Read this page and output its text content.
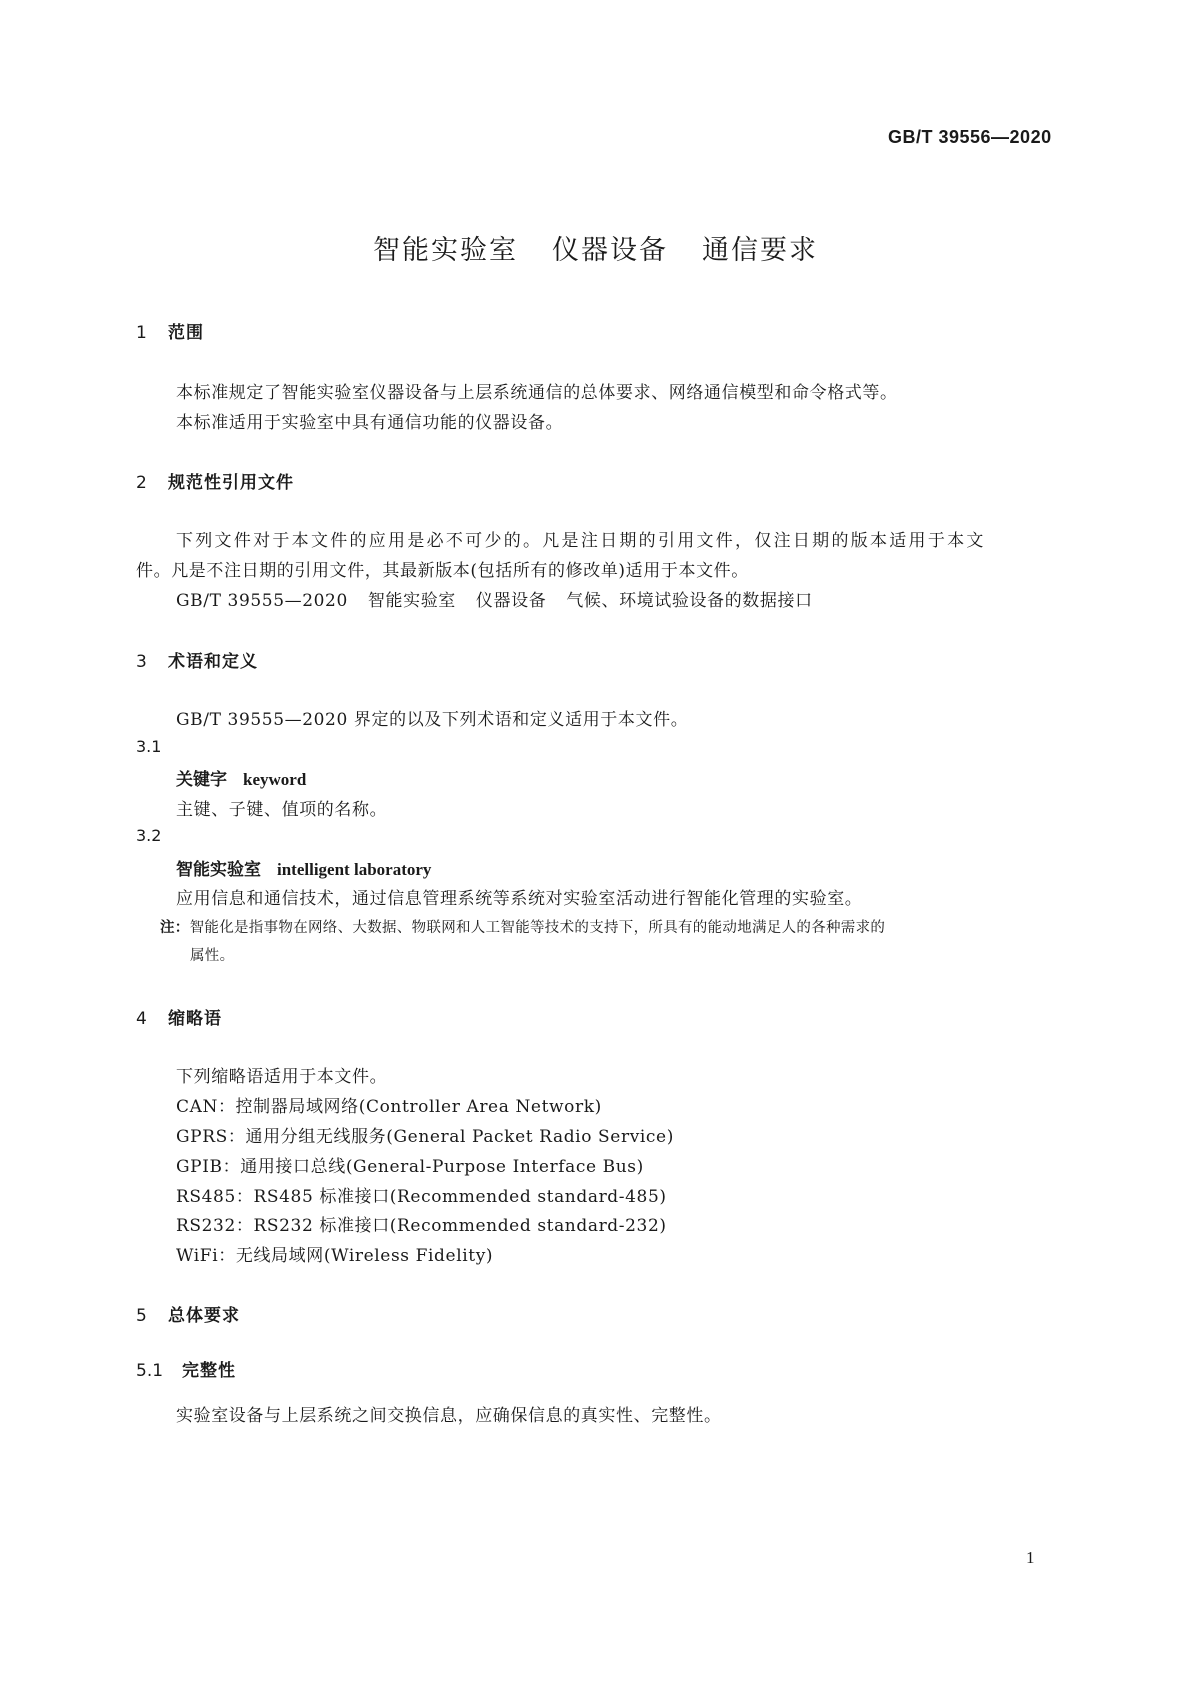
GB/T 39556—2020
智能实验室 仪器设备 通信要求
1 范围
本标准规定了智能实验室仪器设备与上层系统通信的总体要求、网络通信模型和命令格式等。
本标准适用于实验室中具有通信功能的仪器设备。
2 规范性引用文件
下列文件对于本文件的应用是必不可少的。凡是注日期的引用文件，仅注日期的版本适用于本文
件。凡是不注日期的引用文件，其最新版本(包括所有的修改单)适用于本文件。
GB/T 39555—2020 智能实验室 仪器设备 气候、环境试验设备的数据接口
3 术语和定义
GB/T 39555—2020 界定的以及下列术语和定义适用于本文件。
3.1
关键字 keyword
主键、子键、值项的名称。
3.2
智能实验室 intelligent laboratory
应用信息和通信技术，通过信息管理系统等系统对实验室活动进行智能化管理的实验室。
注：智能化是指事物在网络、大数据、物联网和人工智能等技术的支持下，所具有的能动地满足人的各种需求的
属性。
4 缩略语
下列缩略语适用于本文件。
CAN：控制器局域网络(Controller Area Network)
GPRS：通用分组无线服务(General Packet Radio Service)
GPIB：通用接口总线(General-Purpose Interface Bus)
RS485：RS485 标准接口(Recommended standard-485)
RS232：RS232 标准接口(Recommended standard-232)
WiFi：无线局域网(Wireless Fidelity)
5 总体要求
5.1 完整性
实验室设备与上层系统之间交换信息，应确保信息的真实性、完整性。
1
